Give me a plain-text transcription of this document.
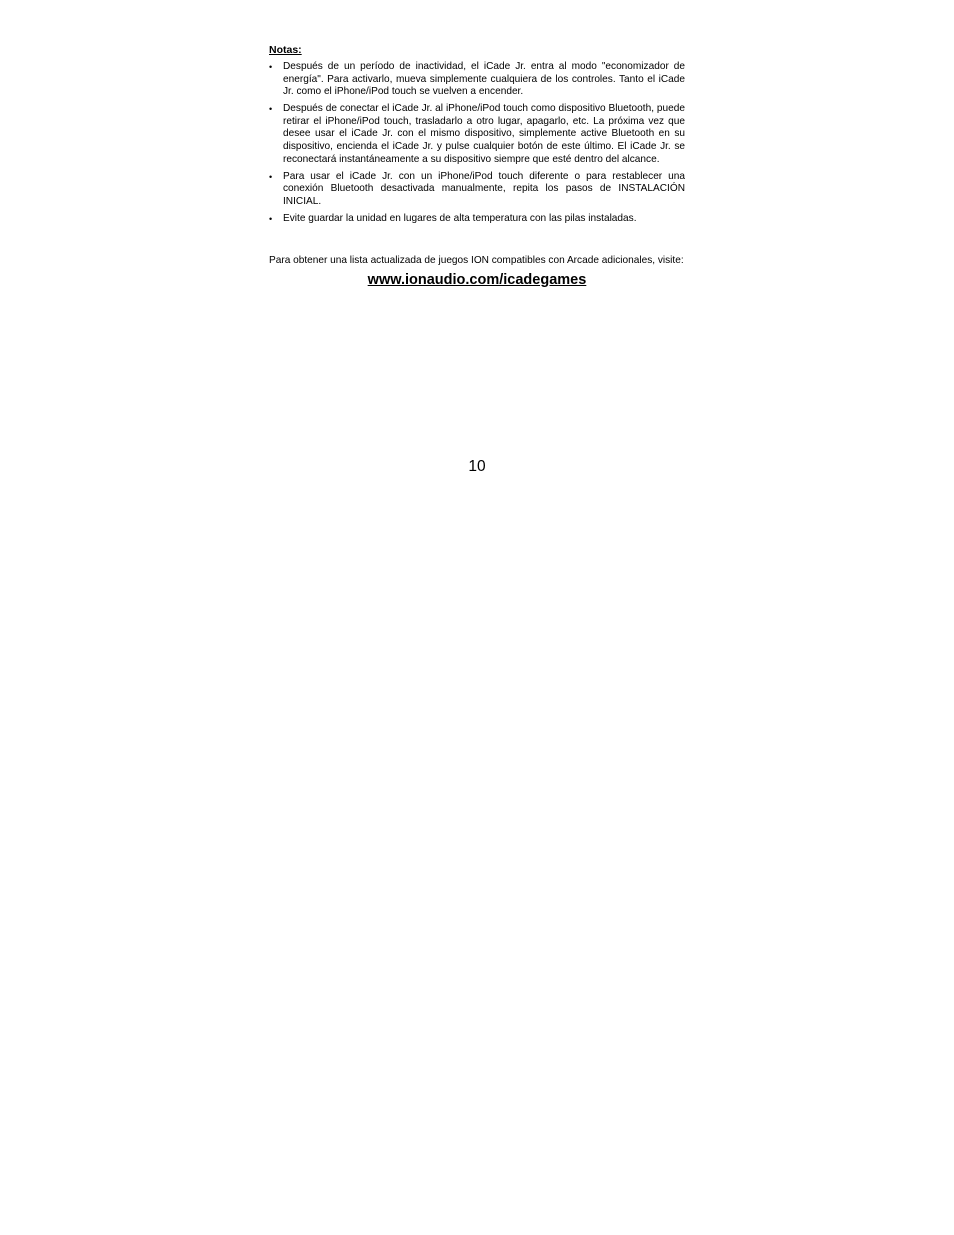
Notas:
• Después de un período de inactividad, el iCade Jr. entra al modo "economizador de energía". Para activarlo, mueva simplemente cualquiera de los controles. Tanto el iCade Jr. como el iPhone/iPod touch se vuelven a encender.
• Después de conectar el iCade Jr. al iPhone/iPod touch como dispositivo Bluetooth, puede retirar el iPhone/iPod touch, trasladarlo a otro lugar, apagarlo, etc. La próxima vez que desee usar el iCade Jr. con el mismo dispositivo, simplemente active Bluetooth en su dispositivo, encienda el iCade Jr. y pulse cualquier botón de este último. El iCade Jr. se reconectará instantáneamente a su dispositivo siempre que esté dentro del alcance.
• Para usar el iCade Jr. con un iPhone/iPod touch diferente o para restablecer una conexión Bluetooth desactivada manualmente, repita los pasos de INSTALACIÓN INICIAL.
• Evite guardar la unidad en lugares de alta temperatura con las pilas instaladas.
Para obtener una lista actualizada de juegos ION compatibles con Arcade adicionales, visite:
www.ionaudio.com/icadegames
10
